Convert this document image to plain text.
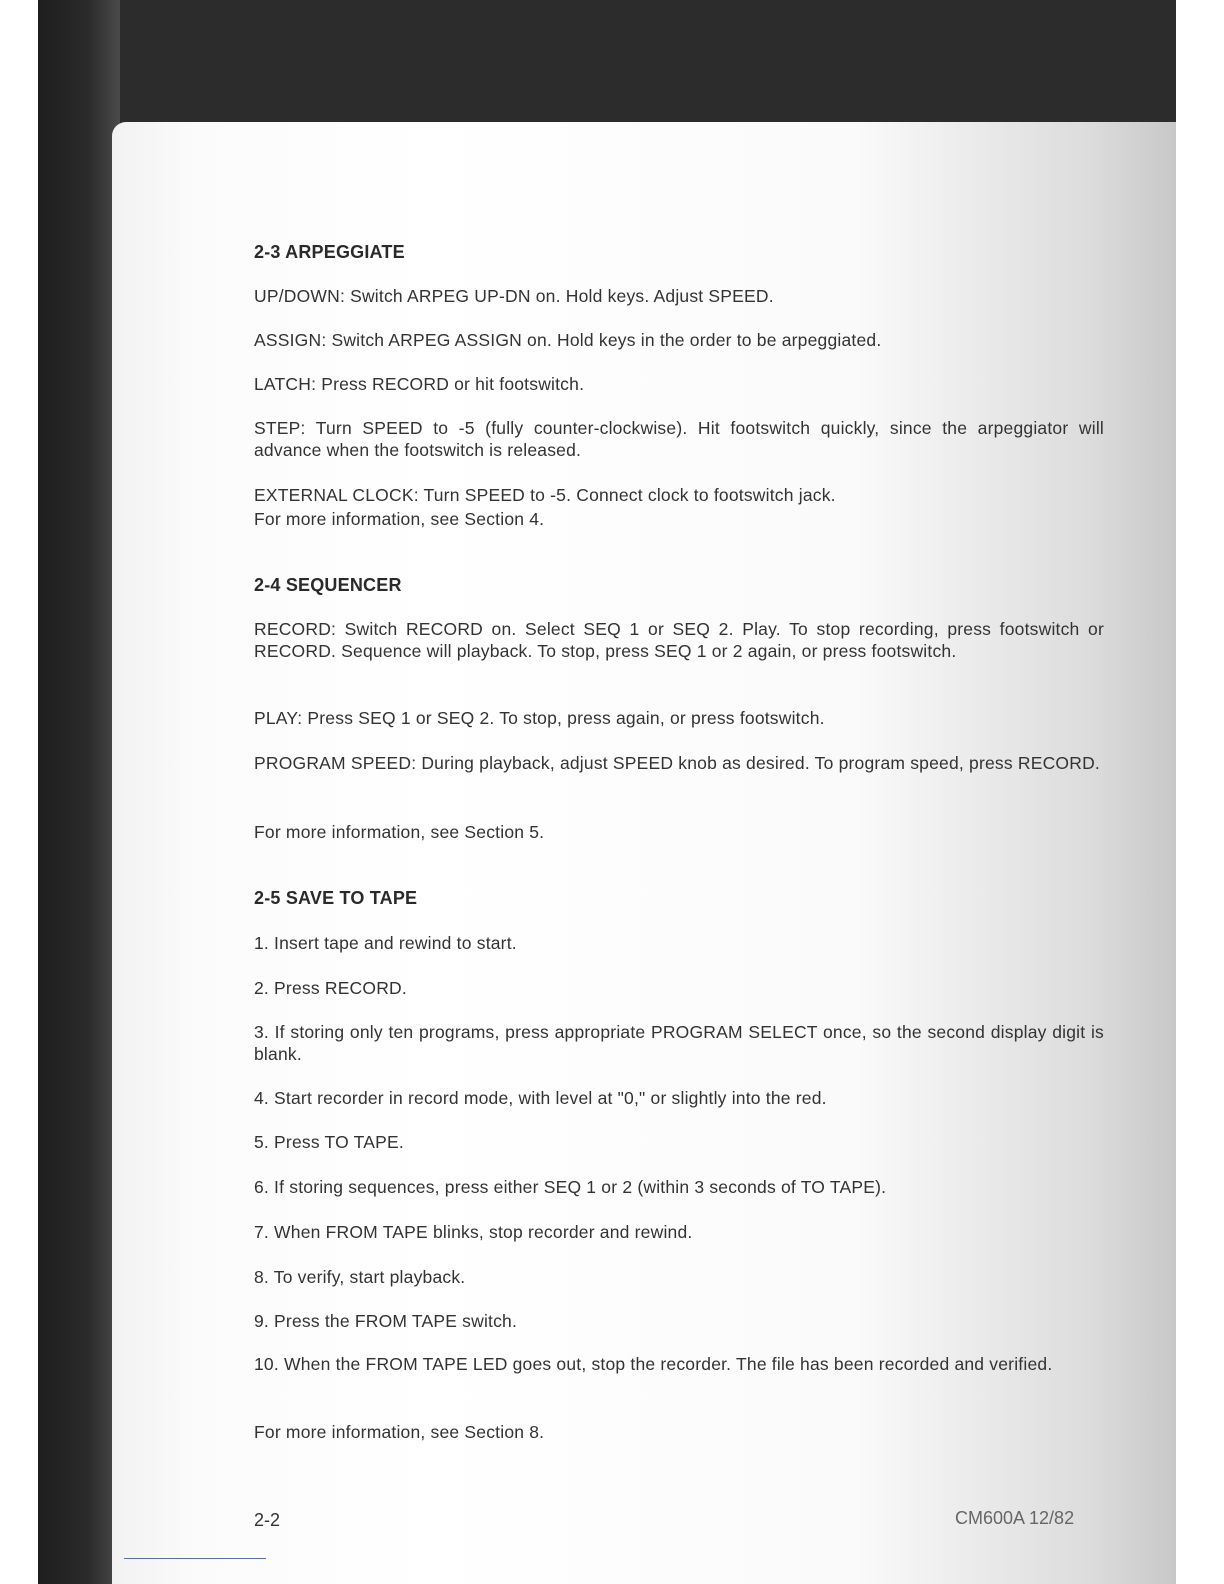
2-3 ARPEGGIATE
UP/DOWN: Switch ARPEG UP-DN on. Hold keys. Adjust SPEED.
ASSIGN: Switch ARPEG ASSIGN on. Hold keys in the order to be arpeggiated.
LATCH: Press RECORD or hit footswitch.
STEP: Turn SPEED to -5 (fully counter-clockwise). Hit footswitch quickly, since the arpeggiator will advance when the footswitch is released.
EXTERNAL CLOCK: Turn SPEED to -5. Connect clock to footswitch jack.
For more information, see Section 4.
2-4 SEQUENCER
RECORD: Switch RECORD on. Select SEQ 1 or SEQ 2. Play. To stop recording, press footswitch or RECORD. Sequence will playback. To stop, press SEQ 1 or 2 again, or press footswitch.
PLAY: Press SEQ 1 or SEQ 2. To stop, press again, or press footswitch.
PROGRAM SPEED: During playback, adjust SPEED knob as desired. To program speed, press RECORD.
For more information, see Section 5.
2-5 SAVE TO TAPE
1. Insert tape and rewind to start.
2. Press RECORD.
3. If storing only ten programs, press appropriate PROGRAM SELECT once, so the second display digit is blank.
4. Start recorder in record mode, with level at "0," or slightly into the red.
5. Press TO TAPE.
6. If storing sequences, press either SEQ 1 or 2 (within 3 seconds of TO TAPE).
7. When FROM TAPE blinks, stop recorder and rewind.
8. To verify, start playback.
9. Press the FROM TAPE switch.
10. When the FROM TAPE LED goes out, stop the recorder. The file has been recorded and verified.
For more information, see Section 8.
2-2	CM600A 12/82
